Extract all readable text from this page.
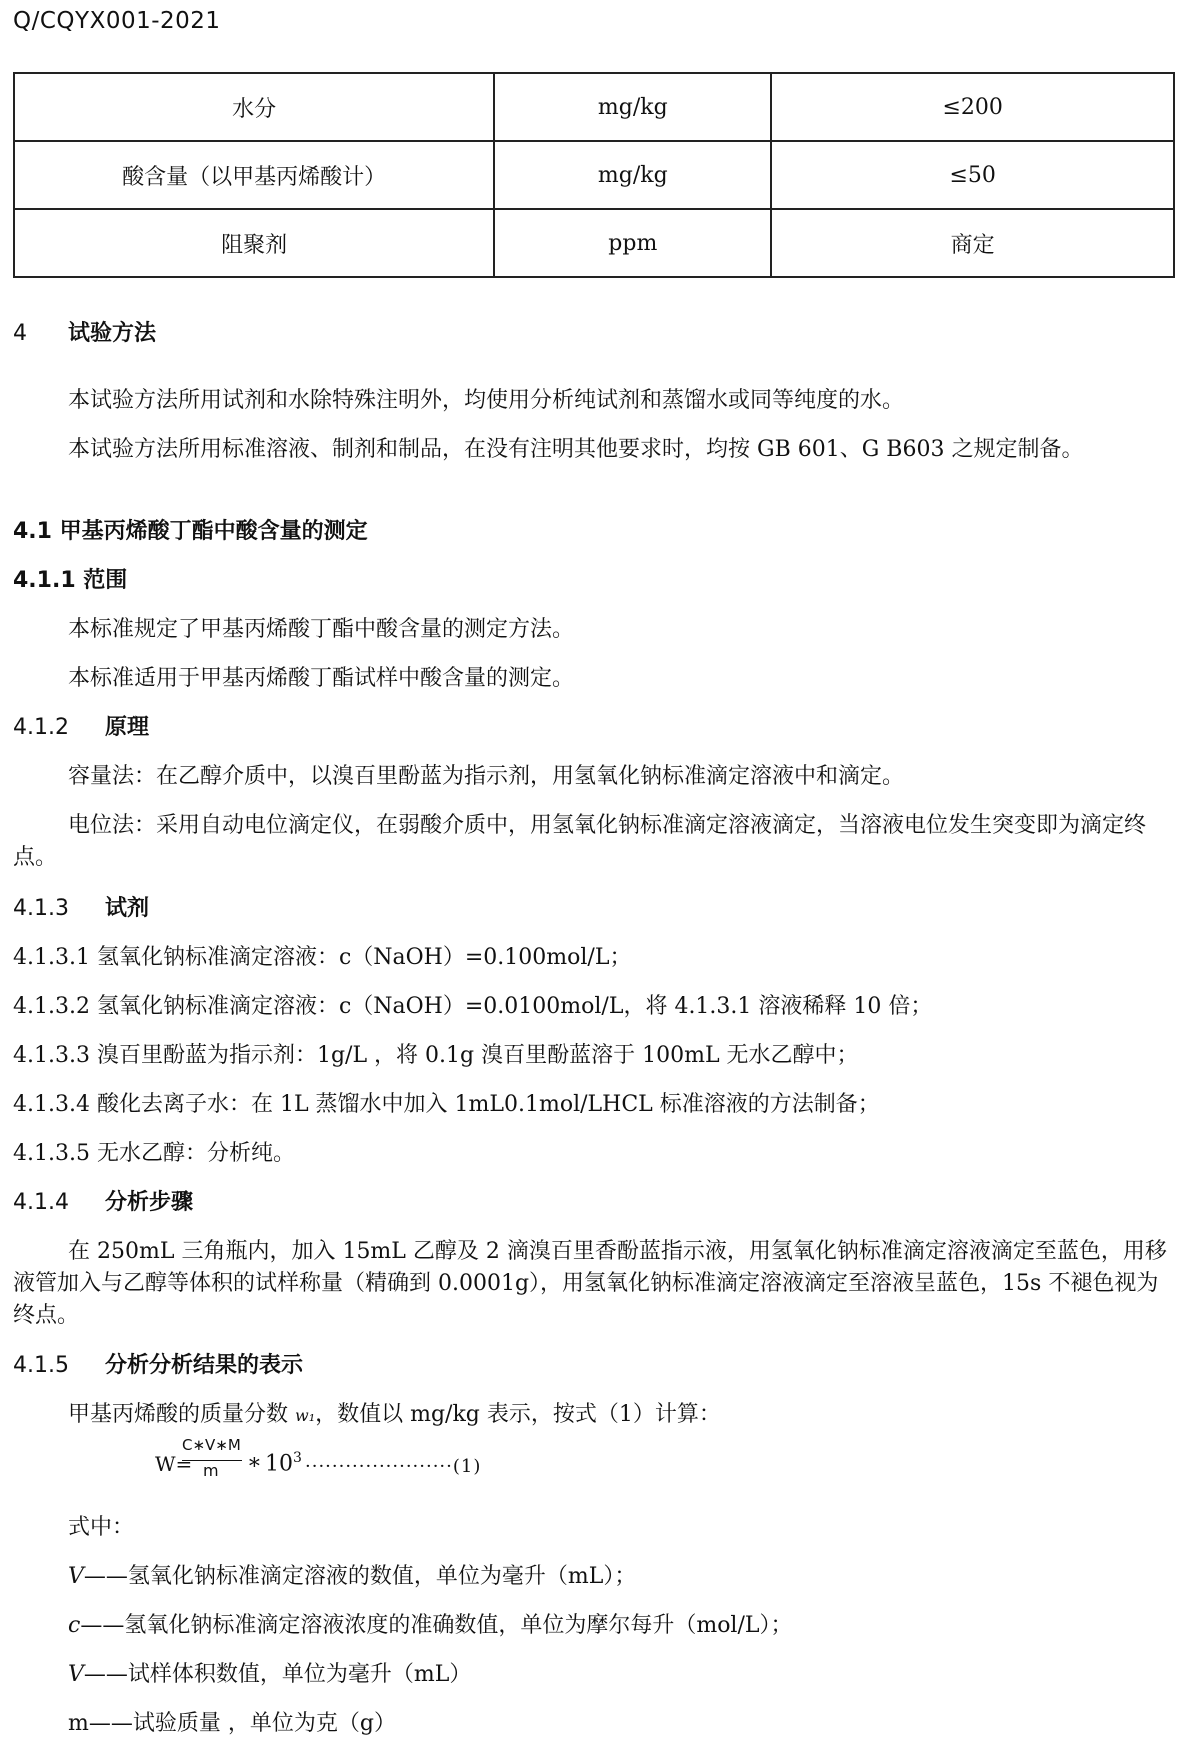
Q/CQYX001-2021
水分	mg/kg	≤200
酸含量（以甲基丙烯酸计）	mg/kg	≤50
阻聚剂	ppm	商定
4 试验方法
本试验方法所用试剂和水除特殊注明外，均使用分析纯试剂和蒸馏水或同等纯度的水。
本试验方法所用标准溶液、制剂和制品，在没有注明其他要求时，均按 GB 601、G B603 之规定制备。
4.1 甲基丙烯酸丁酯中酸含量的测定
4.1.1 范围
本标准规定了甲基丙烯酸丁酯中酸含量的测定方法。
本标准适用于甲基丙烯酸丁酯试样中酸含量的测定。
4.1.2 原理
容量法：在乙醇介质中，以溴百里酚蓝为指示剂，用氢氧化钠标准滴定溶液中和滴定。
电位法：采用自动电位滴定仪，在弱酸介质中，用氢氧化钠标准滴定溶液滴定，当溶液电位发生突变即为滴定终点。
4.1.3 试剂
4.1.3.1 氢氧化钠标准滴定溶液：c（NaOH）=0.100mol/L；
4.1.3.2 氢氧化钠标准滴定溶液：c（NaOH）=0.0100mol/L，将 4.1.3.1 溶液稀释 10 倍；
4.1.3.3 溴百里酚蓝为指示剂：1g/L ，将 0.1g 溴百里酚蓝溶于 100mL 无水乙醇中；
4.1.3.4 酸化去离子水：在 1L 蒸馏水中加入 1mL0.1mol/LHCL 标准溶液的方法制备；
4.1.3.5 无水乙醇：分析纯。
4.1.4 分析步骤
在 250mL 三角瓶内，加入 15mL 乙醇及 2 滴溴百里香酚蓝指示液，用氢氧化钠标准滴定溶液滴定至蓝色，用移液管加入与乙醇等体积的试样称量（精确到 0.0001g），用氢氧化钠标准滴定溶液滴定至溶液呈蓝色，15s 不褪色视为终点。
4.1.5 分析分析结果的表示
甲基丙烯酸的质量分数 w₁，数值以 mg/kg 表示，按式（1）计算：
W=
C∗V∗M
m ∗ $10^3 \cdot\cdot\cdot\cdot\cdot\cdot\cdot\cdot\cdot\cdot\cdot\cdot\cdot\cdot\cdot\cdot\cdot\cdot\cdot\cdot\cdot\cdot(1)$
式中：
V——氢氧化钠标准滴定溶液的数值，单位为毫升（mL）；
c——氢氧化钠标准滴定溶液浓度的准确数值，单位为摩尔每升（mol/L）；
V——试样体积数值，单位为毫升（mL）
m——试验质量 ，单位为克（g）
